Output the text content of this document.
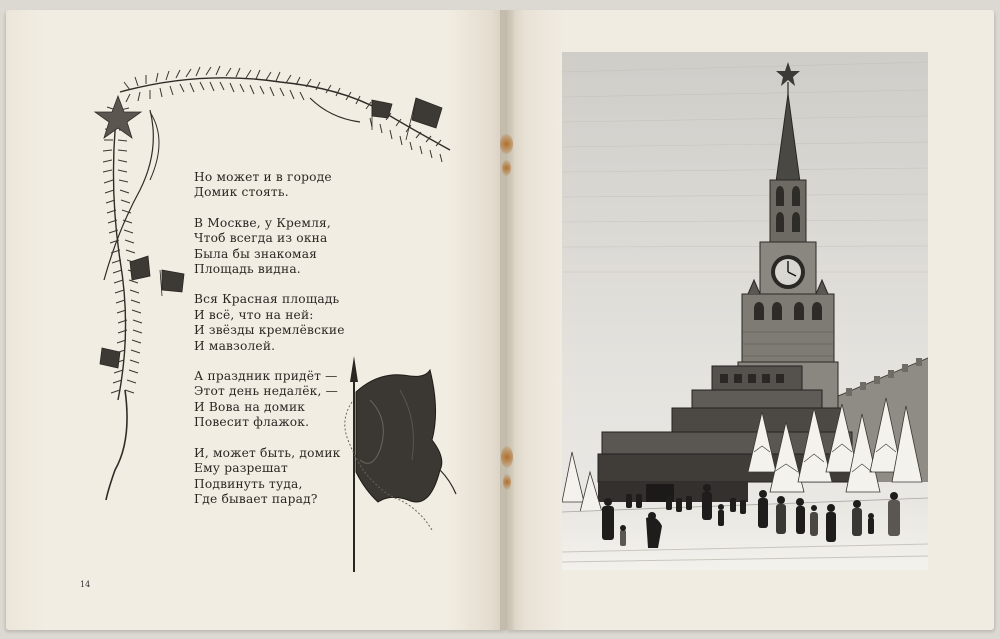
Но может и в городе
Домик стоять.
В Москве, у Кремля,
Чтоб всегда из окна
Была бы знакомая
Площадь видна.
Вся Красная площадь
И всё, что на ней:
И звёзды кремлёвские
И мавзолей.
А праздник придёт —
Этот день недалёк, —
И Вова на домик
Повесит флажок.
И, может быть, домик
Ему разрешат
Подвинуть туда,
Где бывает парад?
14
